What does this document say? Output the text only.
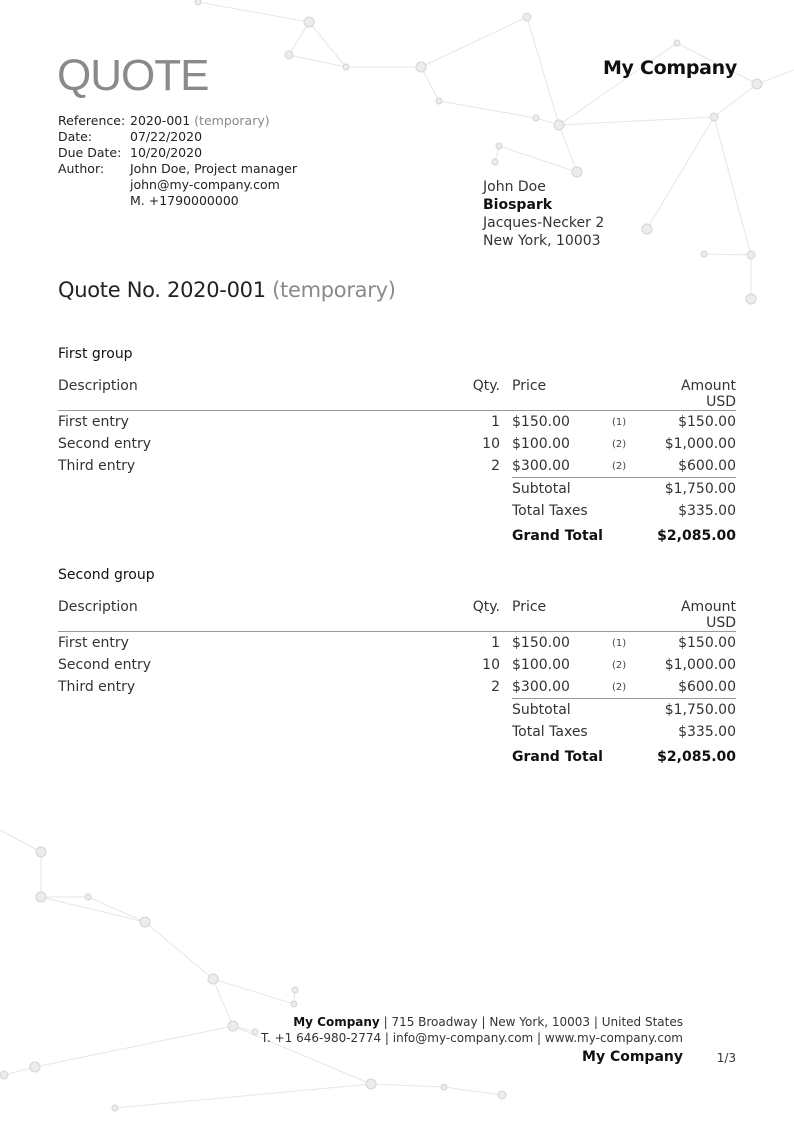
QUOTE	My Company
Reference: 2020-001 (temporary)
Date:	07/22/2020
Due Date: 10/20/2020
Author:	John Doe, Project manager
john@my-company.com
M. +1790000000
John Doe
Biospark
Jacques-Necker 2
New York, 10003
Quote No. 2020-001 (temporary)
First group
Description	Qty.	Price		Amount USD
First entry	1	$150.00	(1)	$150.00
Second entry	10	$100.00	(2)	$1,000.00
Third entry	2	$300.00	(2)	$600.00
		Subtotal		$1,750.00
		Total Taxes		$335.00
		Grand Total		$2,085.00
Second group
Description	Qty.	Price		Amount USD
First entry	1	$150.00	(1)	$150.00
Second entry	10	$100.00	(2)	$1,000.00
Third entry	2	$300.00	(2)	$600.00
		Subtotal		$1,750.00
		Total Taxes		$335.00
		Grand Total		$2,085.00
My Company | 715 Broadway | New York, 10003 | United States
T. +1 646-980-2774 | info@my-company.com | www.my-company.com
My Company	1/3
